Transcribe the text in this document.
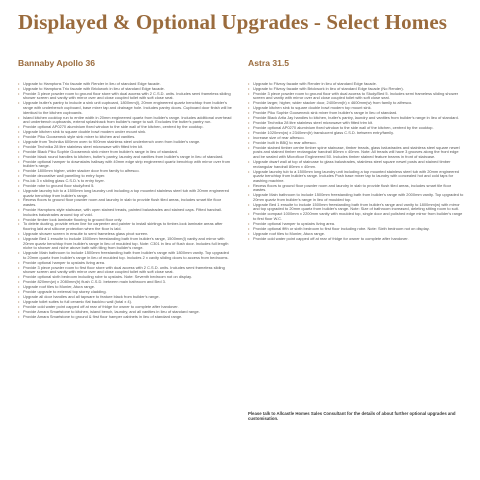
Displayed & Optional Upgrades - Select Homes
Bannaby Apollo 36
• Upgrade to Hamptons Trio facade with Render in lieu of standard Edge facade.
• Upgrade to Hamptons Trio facade with Brickwork in lieu of standard Edge facade.
• Provide 3 piece powder room to ground floor store with dual access with 2 C.S.D. units. Includes semi frameless sliding shower screen and vanity with mirror over and close coupled toilet with soft close seat.
• Upgrade butler's pantry to include a sink unit cupboard, 1800mm(l), 20mm engineered quartz benchtop from builder's range with underbench cupboard, base mixer tap and drainage hole. Includes pantry doors. Cupboard door finish will be identical to the kitchen cupboards.
• Island kitchen cooktop run to entire width in 20mm engineered quartz from builder's range. Includes additional overhead and underbench cupboards, extend splashback from builder's range to suit. Excludes the butler's pantry run.
• Provide optional AP0270 aluminium fixed window to the side wall of the kitchen, centred by the cooktop.
• Upgrade kitchen sink to square double bowl modern under mount sink.
• Provide Piku Gooseneck style sink mixer to kitchen and vanities.
• Upgrade from Technika 600mm oven to 900mm stainless steel underbench oven from builder's range.
• Provide Technika 28 litre stainless steel microwave with fitted trim kit.
• Provide Black Piku Sophie Gooseneck sink mixer from builder's range in lieu of standard.
• Provide black round handles to kitchen, butler's pantry, laundry and vanities from builder's range in lieu of standard.
• Provide optional hamper to downstairs hallway with 40mm edge strip engineered quartz benchtop with mirror over from builder's range.
• Provide 1800mm higher, wider stacker door from family to alfresco.
• Provide decorative wall panelling to entry foyer.
• Pro-lok 3 x sliding glass C.S.D.'s to entry foyer.
• Provide robe to ground floor study/bed 5.
• Upgrade laundry tub to a 1500mm long laundry unit including a top mounted stainless steel tub with 20mm engineered quartz benchtop from builder's range.
• Recess floors to ground floor powder room and laundry in slab to provide flush tiled areas, includes smart tile floor wastes.
• Provide Hamptons style staircase, with open stained treads, painted balustrades and stained caps. Fitted handrail. Includes balustrades around top of void.
• Provide timber look laminate flooring to ground floor only.
• To delete ducting, provide return line for carpenter and painter to install skirtings to timber-look laminate areas after flooring laid and silicone protection when the floor is laid.
• Upgrade shower screen in ensuite to semi frameless glass pivot screen.
• Upgrade Bed 1 ensuite to include 1500mm freestanding bath from builder's range, 1500mm(l) vanity and mirror with 20mm quartz benchtop from builder's range in lieu of moulded top. Note: C301 in lieu of flush door. Includes full length niche to shower and niche above bath with tiling from builder's range.
• Upgrade Main bathroom to include 1500mm freestanding bath from builder's range with 1800mm vanity. Top upgraded to 20mm quartz from builder's range in lieu of moulded top. Includes 2 x cavity sliding doors to access from bedrooms.
• Provide optional hamper to upstairs living area.
• Provide 3 piece powder room to first floor store with dual access with 2 C.S.D. units. Includes semi frameless sliding shower screen and vanity with mirror over and close coupled toilet with soft close seat.
• Provide optional sixth bedroom including robe to upstairs. Note: Seventh bedroom not on display.
• Provide 820mm(w) x 2080mm(h) flush C.S.D. between main bathroom and Bed 3.
• Upgrade roof tiles to Monier, Atura range.
• Provide upgrade to external top storey cladding.
• Upgrade all door handles and all tapware to feature black from builder's range.
• Upgrade toilet suites to full ceramic flat back/no wall (total x 4).
• Provide cold water point capped off at rear of fridge for owner to complete after handover.
• Provide Amara Smartstone to kitchen, island bench, laundry, and all vanities in lieu of standard range.
• Provide Amara Smartstone to ground & first floor hamper cabinets in lieu of standard range.
Astra 31.5
• Upgrade to Fitzroy facade with Render in lieu of standard Edge facade.
• Upgrade to Fitzroy facade with Brickwork in lieu of standard Edge facade (No Render).
• Provide 3 piece powder room to ground floor with dual access to Study/Bed 5. Includes semi frameless sliding shower screen and vanity with mirror over and close coupled toilet with soft close seat.
• Provide larger, higher, wider stacker door, 2400mm(h) x 4600mm(w) from family to alfresco.
• Upgrade kitchen sink to square double bowl modern top mount sink.
• Provide Piku Sophie Gooseneck sink mixer from builder's range in lieu of standard.
• Provide Black Artia Jay handles to kitchen, butler's pantry, laundry and vanities from builder's range in lieu of standard.
• Provide Technika 28 litre stainless steel microwave with fitted trim kit.
• Provide optional AP0270 aluminium fixed window to the side wall of the kitchen, centred by the cooktop.
• Provide 1020mm(w) x 2340mm(h) translucent glass C.S.D. between entry/family.
• Increase size of rear alfresco.
• Provide built in BBQ to rear alfresco.
• Provide stained timber centre timber spine staircase, timber treads, glass balustrades and stainless steel square newel posts and stained timber rectangular handrail 80mm x 40mm. Note: All treads will have 3 grooves along the front edge and be sealed with Microfloor Engineered 50. Includes timber stained feature beams in front of staircase.
• Upgrade dwarf wall at top of staircase to glass balustrades, stainless steel square newel posts and stained timber rectangular handrail 80mm x 40mm.
• Upgrade laundry tub to a 1500mm long laundry unit including a top mounted stainless steel tub with 20mm engineered quartz benchtop from builder's range. Includes Posh base mixer tap to laundry with concealed hot and cold taps for washing machine.
• Recess floors to ground floor powder room and laundry in slab to provide flush tiled areas, includes smart tile floor wastes.
• Upgrade Main bathroom to include 1500mm freestanding bath from builder's range with 2000mm vanity. Top upgraded to 20mm quartz from builder's range in lieu of moulded top.
• Upgrade Bed 1 ensuite to include 1500mm freestanding bath from builder's range and vanity to 1800mm(w) with mirror and top upgraded to 20mm quartz from builder's range. Note: Size of bathroom increased, deleting sitting room to suit.
• Provide compact 1000mm x 2200mm vanity with moulded top, single door and polished edge mirror from builder's range to first floor W.C.
• Provide optional hamper to upstairs living area.
• Provide optional fifth or sixth bedroom to first floor including robe. Note: Sixth bedroom not on display.
• Upgrade roof tiles to Monier, Atura range.
• Provide cold water point capped off at rear of fridge for owner to complete after handover.
Please talk to Allcastle Homes Sales Consultant for the details of about further optional upgrades and customisation.
